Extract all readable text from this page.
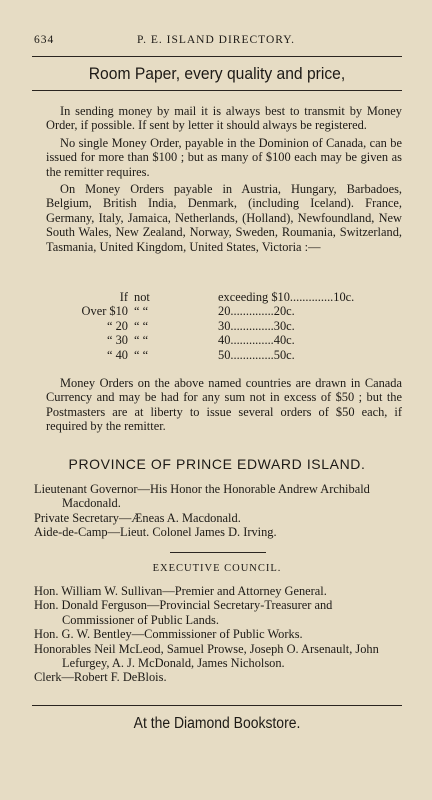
634	P. E. ISLAND DIRECTORY.
Room Paper, every quality and price,

In sending money by mail it is always best to transmit by Money Order, if possible. If sent by letter it should always be registered.

No single Money Order, payable in the Dominion of Canada, can be issued for more than $100 ; but as many of $100 each may be given as the remitter requires.

On Money Orders payable in Austria, Hungary, Barbadoes, Belgium, British India, Denmark, (including Iceland). France, Germany, Italy, Jamaica, Netherlands, (Holland), Newfoundland, New South Wales, New Zealand, Norway, Sweden, Roumania, Switzerland, Tasmania, United Kingdom, United States, Victoria :—

If not	exceeding $10..............10c.
Over $10 “ “	20..............20c.
“ 20 “ “	30..............30c.
“ 30 “ “	40..............40c.
“ 40 “ “	50..............50c.

Money Orders on the above named countries are drawn in Canada Currency and may be had for any sum not in excess of $50 ; but the Postmasters are at liberty to issue several orders of $50 each, if required by the remitter.

PROVINCE OF PRINCE EDWARD ISLAND.

Lieutenant Governor—His Honor the Honorable Andrew Archibald Macdonald.

Private Secretary—Æneas A. Macdonald.

Aide-de-Camp—Lieut. Colonel James D. Irving.

EXECUTIVE COUNCIL.

Hon. William W. Sullivan—Premier and Attorney General.

Hon. Donald Ferguson—Provincial Secretary-Treasurer and Commissioner of Public Lands.

Hon. G. W. Bentley—Commissioner of Public Works.

Honorables Neil McLeod, Samuel Prowse, Joseph O. Arsenault, John Lefurgey, A. J. McDonald, James Nicholson.

Clerk—Robert F. DeBlois.

At the Diamond Bookstore.
